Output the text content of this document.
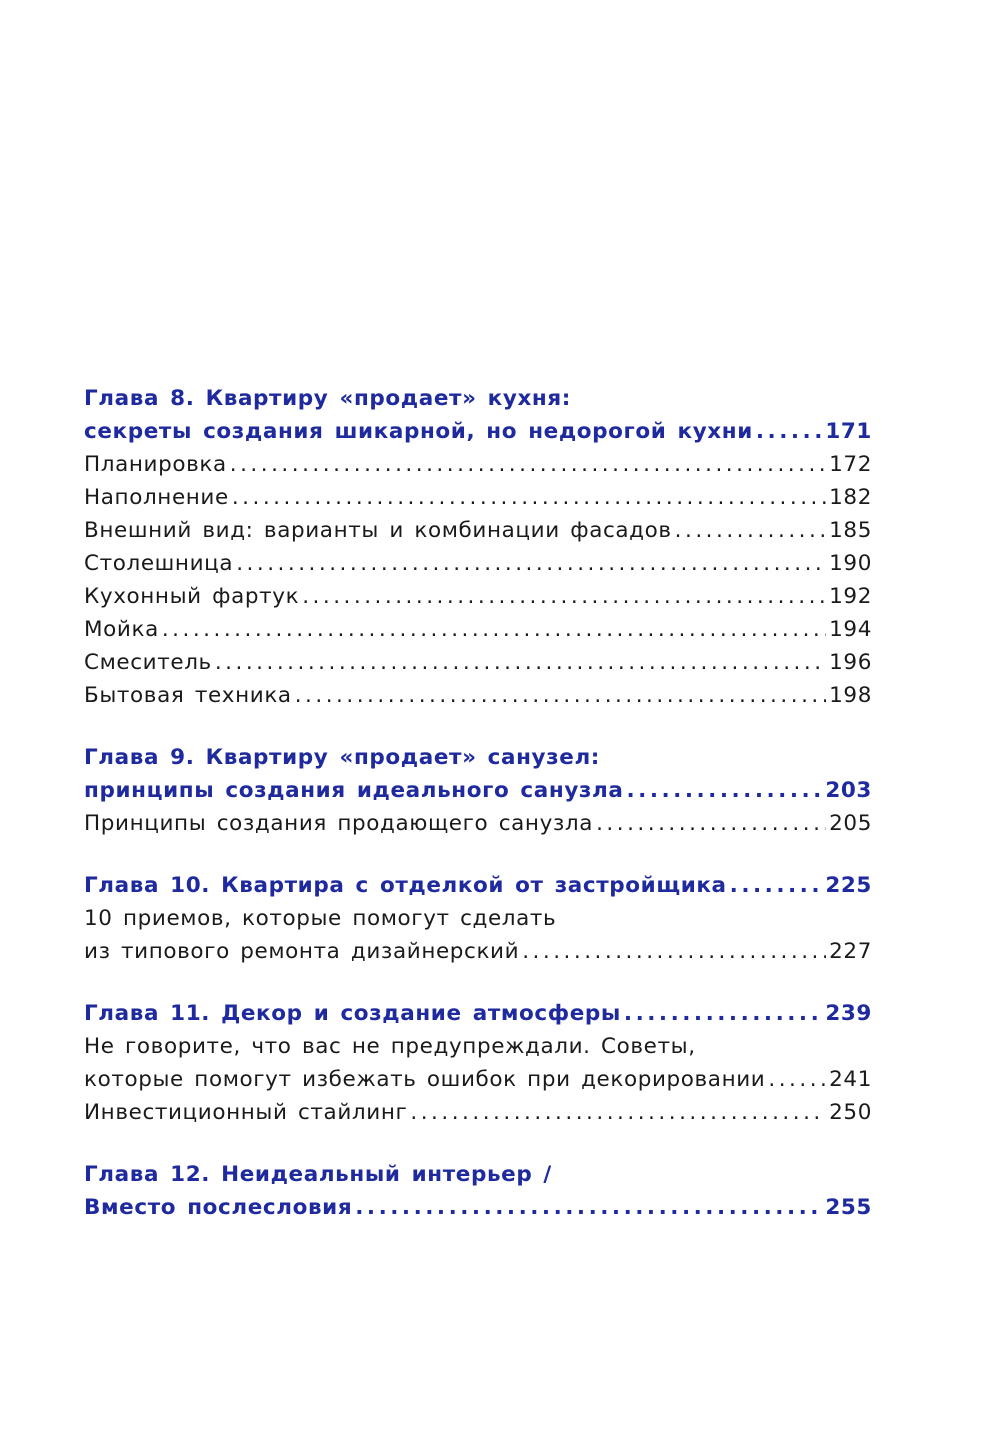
Глава 8. Квартиру «продает» кухня:
секреты создания шикарной, но недорогой кухни .....	171
Планировка .....	172
Наполнение .....	182
Внешний вид: варианты и комбинации фасадов .....	185
Столешница .....	190
Кухонный фартук .....	192
Мойка .....	194
Смеситель .....	196
Бытовая техника .....	198
Глава 9. Квартиру «продает» санузел:
принципы создания идеального санузла .....	203
Принципы создания продающего санузла .....	205
Глава 10. Квартира с отделкой от застройщика .....	225
10 приемов, которые помогут сделать
из типового ремонта дизайнерский .....	227
Глава 11. Декор и создание атмосферы .....	239
Не говорите, что вас не предупреждали. Советы,
которые помогут избежать ошибок при декорировании .....	241
Инвестиционный стайлинг .....	250
Глава 12. Неидеальный интерьер /
Вместо послесловия .....	255
